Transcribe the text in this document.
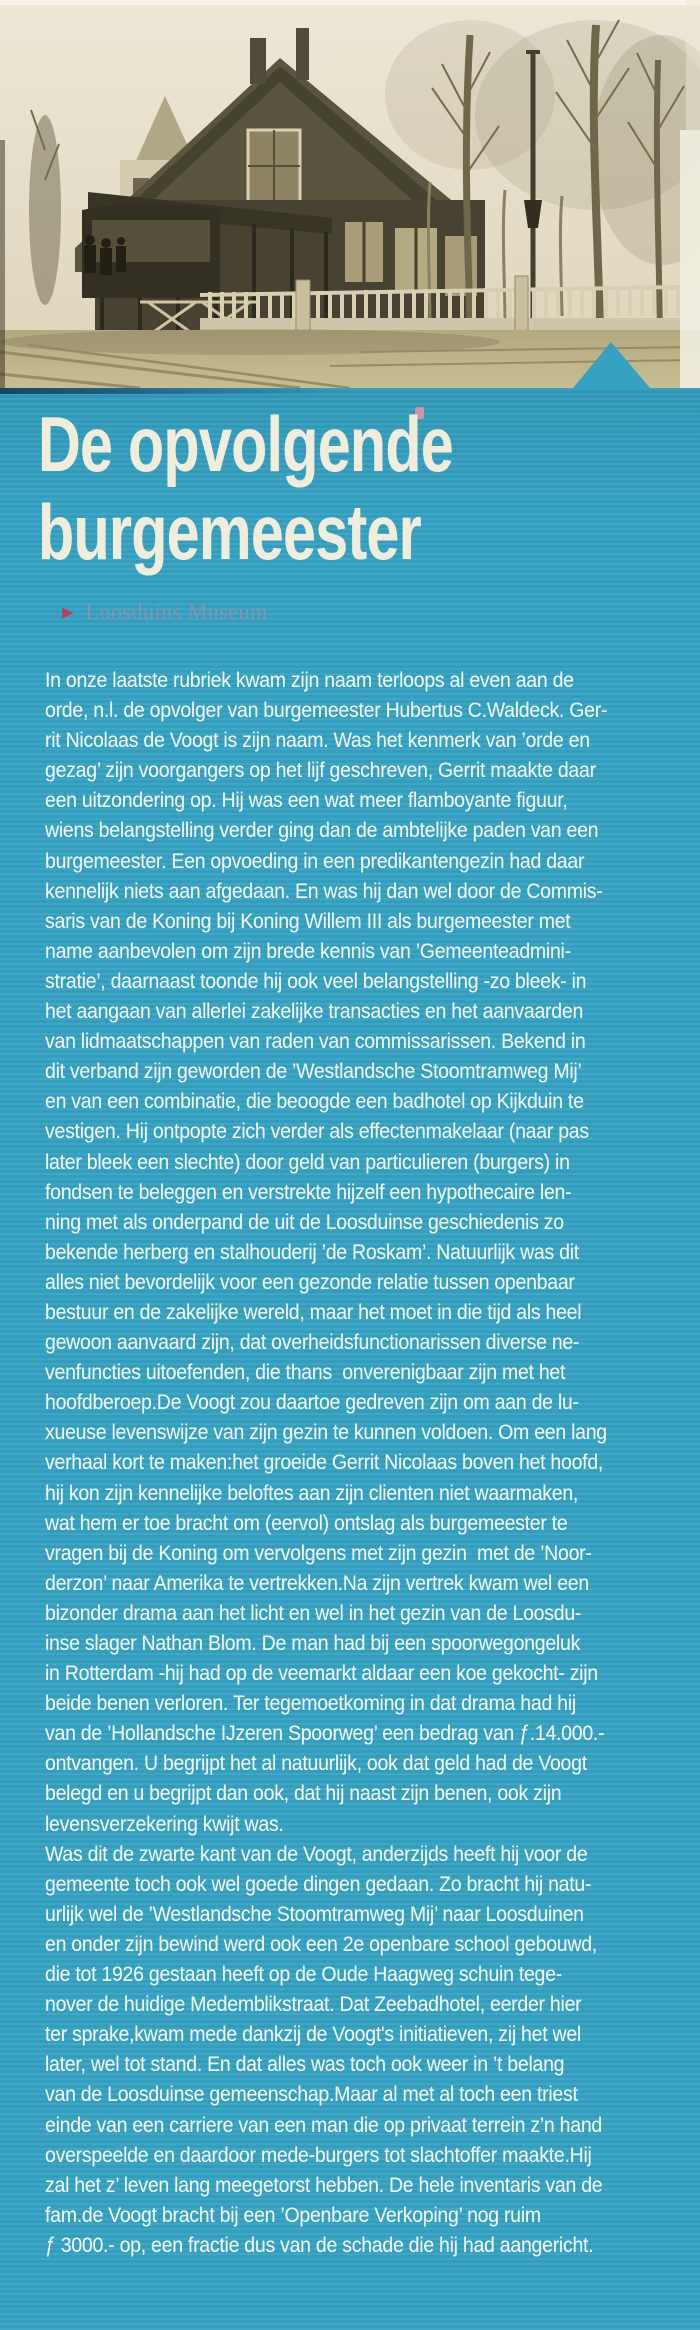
De opvolgende
burgemeester
▶ Loosduins Museum
In onze laatste rubriek kwam zijn naam terloops al even aan de
orde, n.l. de opvolger van burgemeester Hubertus C.Waldeck. Ger-
rit Nicolaas de Voogt is zijn naam. Was het kenmerk van ’orde en
gezag’ zijn voorgangers op het lijf geschreven, Gerrit maakte daar
een uitzondering op. Hij was een wat meer flamboyante figuur,
wiens belangstelling verder ging dan de ambtelijke paden van een
burgemeester. Een opvoeding in een predikantengezin had daar
kennelijk niets aan afgedaan. En was hij dan wel door de Commis-
saris van de Koning bij Koning Willem III als burgemeester met
name aanbevolen om zijn brede kennis van ’Gemeenteadmini-
stratie’, daarnaast toonde hij ook veel belangstelling -zo bleek- in
het aangaan van allerlei zakelijke transacties en het aanvaarden
van lidmaatschappen van raden van commissarissen. Bekend in
dit verband zijn geworden de ’Westlandsche Stoomtramweg Mij’
en van een combinatie, die beoogde een badhotel op Kijkduin te
vestigen. Hij ontpopte zich verder als effectenmakelaar (naar pas
later bleek een slechte) door geld van particulieren (burgers) in
fondsen te beleggen en verstrekte hijzelf een hypothecaire len-
ning met als onderpand de uit de Loosduinse geschiedenis zo
bekende herberg en stalhouderij ’de Roskam’. Natuurlijk was dit
alles niet bevordelijk voor een gezonde relatie tussen openbaar
bestuur en de zakelijke wereld, maar het moet in die tijd als heel
gewoon aanvaard zijn, dat overheidsfunctionarissen diverse ne-
venfuncties uitoefenden, die thans  onverenigbaar zijn met het
hoofdberoep.De Voogt zou daartoe gedreven zijn om aan de lu-
xueuse levenswijze van zijn gezin te kunnen voldoen. Om een lang
verhaal kort te maken:het groeide Gerrit Nicolaas boven het hoofd,
hij kon zijn kennelijke beloftes aan zijn clienten niet waarmaken,
wat hem er toe bracht om (eervol) ontslag als burgemeester te
vragen bij de Koning om vervolgens met zijn gezin  met de ’Noor-
derzon’ naar Amerika te vertrekken.Na zijn vertrek kwam wel een
bizonder drama aan het licht en wel in het gezin van de Loosdu-
inse slager Nathan Blom. De man had bij een spoorwegongeluk
in Rotterdam -hij had op de veemarkt aldaar een koe gekocht- zijn
beide benen verloren. Ter tegemoetkoming in dat drama had hij
van de ’Hollandsche IJzeren Spoorweg’ een bedrag van ƒ.14.000.-
ontvangen. U begrijpt het al natuurlijk, ook dat geld had de Voogt
belegd en u begrijpt dan ook, dat hij naast zijn benen, ook zijn
levensverzekering kwijt was.
Was dit de zwarte kant van de Voogt, anderzijds heeft hij voor de
gemeente toch ook wel goede dingen gedaan. Zo bracht hij natu-
urlijk wel de ’Westlandsche Stoomtramweg Mij’ naar Loosduinen
en onder zijn bewind werd ook een 2e openbare school gebouwd,
die tot 1926 gestaan heeft op de Oude Haagweg schuin tege-
nover de huidige Medemblikstraat. Dat Zeebadhotel, eerder hier
ter sprake,kwam mede dankzij de Voogt's initiatieven, zij het wel
later, wel tot stand. En dat alles was toch ook weer in ’t belang
van de Loosduinse gemeenschap.Maar al met al toch een triest
einde van een carriere van een man die op privaat terrein z’n hand
overspeelde en daardoor mede-burgers tot slachtoffer maakte.Hij
zal het z’ leven lang meegetorst hebben. De hele inventaris van de
fam.de Voogt bracht bij een ’Openbare Verkoping’ nog ruim
ƒ 3000.- op, een fractie dus van de schade die hij had aangericht.
